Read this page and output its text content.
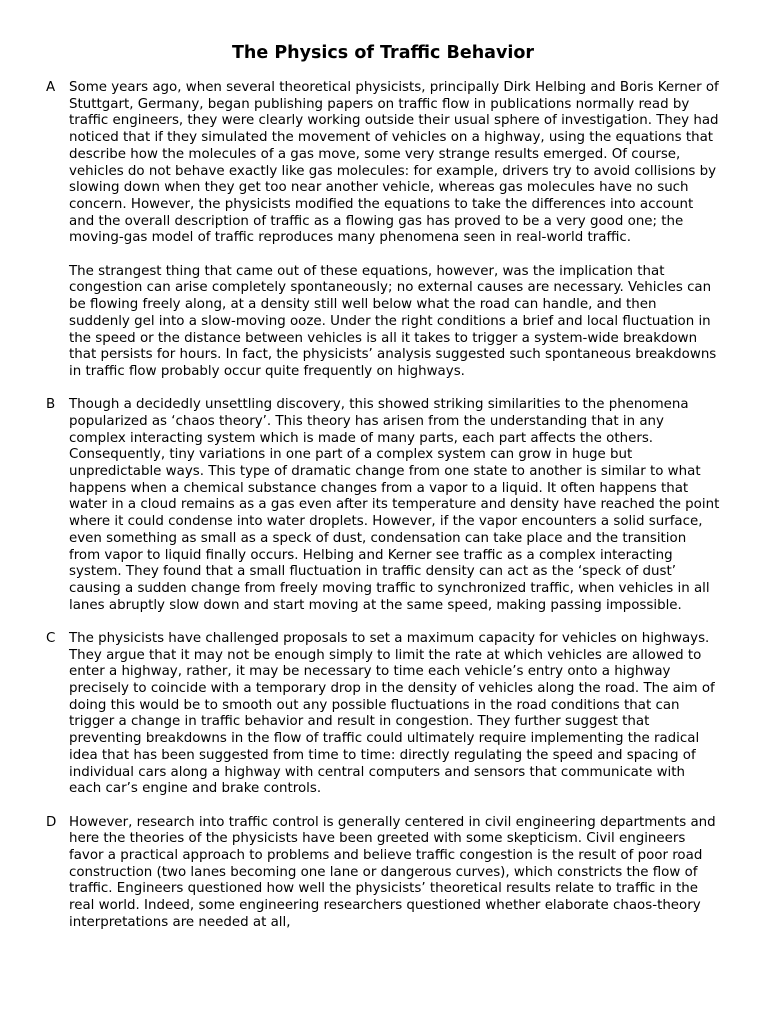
The Physics of Traffic Behavior
A	Some years ago, when several theoretical physicists, principally Dirk Helbing and Boris Kerner of Stuttgart, Germany, began publishing papers on traffic flow in publications normally read by traffic engineers, they were clearly working outside their usual sphere of investigation. They had noticed that if they simulated the movement of vehicles on a highway, using the equations that describe how the molecules of a gas move, some very strange results emerged. Of course, vehicles do not behave exactly like gas molecules: for example, drivers try to avoid collisions by slowing down when they get too near another vehicle, whereas gas molecules have no such concern. However, the physicists modified the equations to take the differences into account and the overall description of traffic as a flowing gas has proved to be a very good one; the moving-gas model of traffic reproduces many phenomena seen in real-world traffic.

The strangest thing that came out of these equations, however, was the implication that congestion can arise completely spontaneously; no external causes are necessary. Vehicles can be flowing freely along, at a density still well below what the road can handle, and then suddenly gel into a slow-moving ooze. Under the right conditions a brief and local fluctuation in the speed or the distance between vehicles is all it takes to trigger a system-wide breakdown that persists for hours. In fact, the physicists’ analysis suggested such spontaneous breakdowns in traffic flow probably occur quite frequently on highways.

B	Though a decidedly unsettling discovery, this showed striking similarities to the phenomena popularized as ‘chaos theory’. This theory has arisen from the understanding that in any complex interacting system which is made of many parts, each part affects the others. Consequently, tiny variations in one part of a complex system can grow in huge but unpredictable ways. This type of dramatic change from one state to another is similar to what happens when a chemical substance changes from a vapor to a liquid. It often happens that water in a cloud remains as a gas even after its temperature and density have reached the point where it could condense into water droplets. However, if the vapor encounters a solid surface, even something as small as a speck of dust, condensation can take place and the transition from vapor to liquid finally occurs. Helbing and Kerner see traffic as a complex interacting system. They found that a small fluctuation in traffic density can act as the ‘speck of dust’ causing a sudden change from freely moving traffic to synchronized traffic, when vehicles in all lanes abruptly slow down and start moving at the same speed, making passing impossible.

C	The physicists have challenged proposals to set a maximum capacity for vehicles on highways. They argue that it may not be enough simply to limit the rate at which vehicles are allowed to enter a highway, rather, it may be necessary to time each vehicle’s entry onto a highway precisely to coincide with a temporary drop in the density of vehicles along the road. The aim of doing this would be to smooth out any possible fluctuations in the road conditions that can trigger a change in traffic behavior and result in congestion. They further suggest that preventing breakdowns in the flow of traffic could ultimately require implementing the radical idea that has been suggested from time to time: directly regulating the speed and spacing of individual cars along a highway with central computers and sensors that communicate with each car’s engine and brake controls.

D However, research into traffic control is generally centered in civil engineering departments and here the theories of the physicists have been greeted with some skepticism. Civil engineers favor a practical approach to problems and believe traffic congestion is the result of poor road construction (two lanes becoming one lane or dangerous curves), which constricts the flow of traffic. Engineers questioned how well the physicists’ theoretical results relate to traffic in the real world. Indeed, some engineering researchers questioned whether elaborate chaos-theory interpretations are needed at all,
